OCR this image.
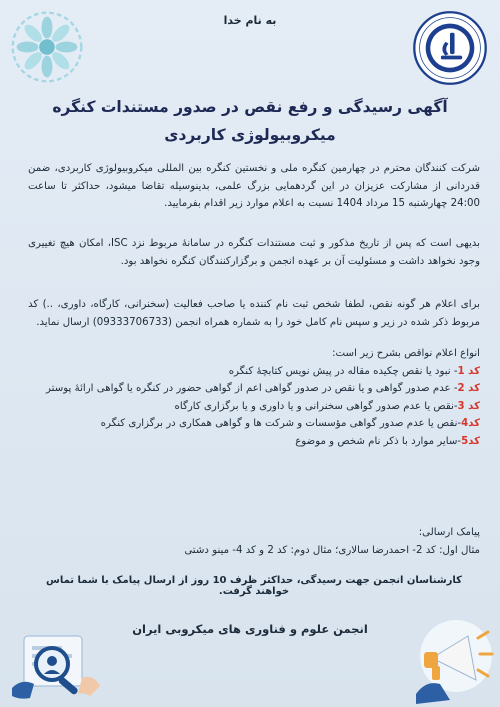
به نام خدا
آگهی رسیدگی و رفع نقص در صدور مستندات کنگره
میکروبیولوژی کاربردی

شرکت کنندگان محترم در چهارمین کنگره ملی و نخستین کنگره بین المللی میکروبیولوژی کاربردی، ضمن قدردانی از مشارکت عزیزان در این گردهمایی بزرگ علمی، بدینوسیله تقاضا میشود، حداکثر تا ساعت 24:00 چهارشنبه 15 مرداد 1404 نسبت به اعلام موارد زیر اقدام بفرمایید.

بدیهی است که پس از تاریخ مذکور و ثبت مستندات کنگره در سامانهٔ مربوط نزد ISC، امکان هیچ تغییری وجود نخواهد داشت و مسئولیت آن بر عهده انجمن و برگزارکنندگان کنگره نخواهد بود.

برای اعلام هر گونه نقص، لطفا شخص ثبت نام کننده یا صاحب فعالیت (سخنرانی، کارگاه، داوری، ..) کد مربوط ذکر شده در زیر و سپس نام کامل خود را به شماره همراه انجمن (09333706733) ارسال نماید.

انواع اعلام نواقص بشرح زیر است:
کد 1- نبود یا نقص چکیده مقاله در پیش نویس کتابچهٔ کنگره
کد 2- عدم صدور گواهی و یا نقص در صدور گواهی اعم از گواهی حضور در کنگره یا گواهی ارائهٔ پوستر
کد 3-نقص یا عدم صدور گواهی سخنرانی و یا داوری و یا برگزاری کارگاه
کد4-نقص یا عدم صدور گواهی مؤسسات و شرکت ها و گواهی همکاری در برگزاری کنگره
کد5-سایر موارد با ذکر نام شخص و موضوع
پیامک ارسالی:
مثال اول: کد 2- احمدرضا سالاری؛ مثال دوم: کد 2 و کد 4- مینو دشتی
کارشناسان انجمن جهت رسیدگی، حداکثر ظرف 10 روز از ارسال پیامک با شما تماس خواهند گرفت.
انجمن علوم و فناوری های میکروبی ایران
